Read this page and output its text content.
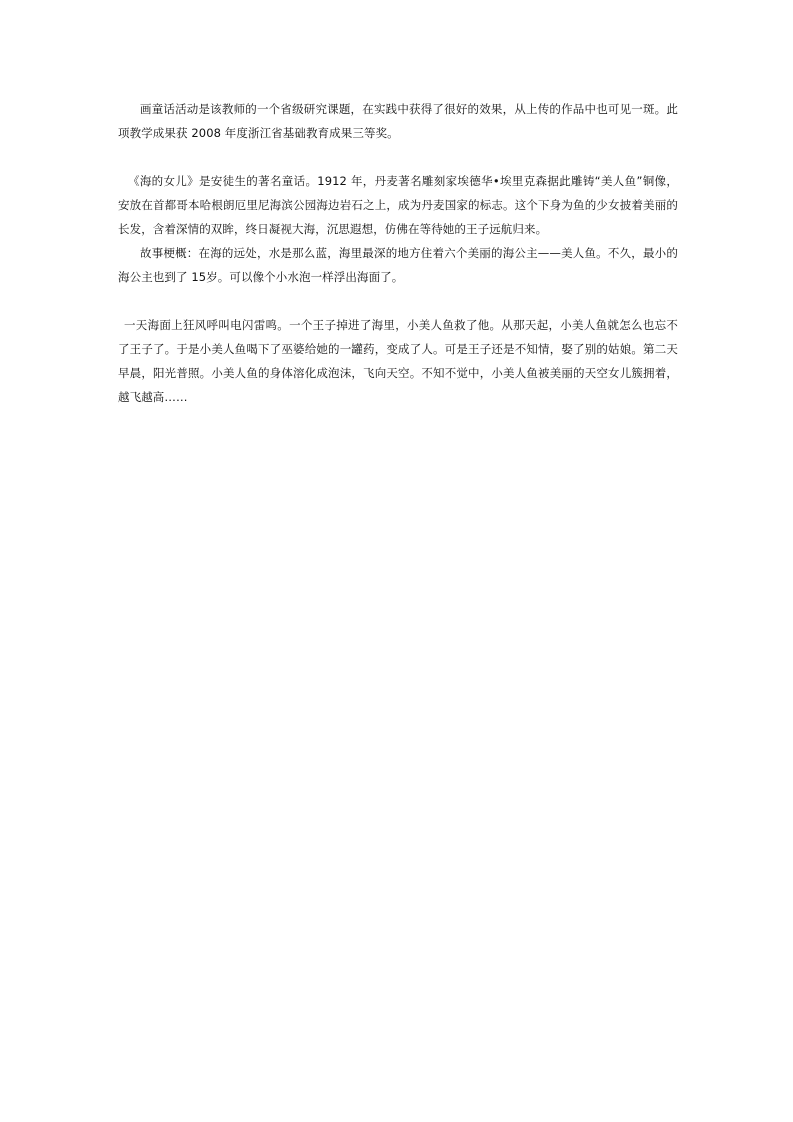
画童话活动是该教师的一个省级研究课题，在实践中获得了很好的效果，从上传的作品中也可见一斑。此项教学成果获 2008 年度浙江省基础教育成果三等奖。

《海的女儿》是安徒生的著名童话。1912 年，丹麦著名雕刻家埃德华•埃里克森据此雕铸“美人鱼”铜像，安放在首都哥本哈根朗厄里尼海滨公园海边岩石之上，成为丹麦国家的标志。这个下身为鱼的少女披着美丽的长发，含着深情的双眸，终日凝视大海，沉思遐想，仿佛在等待她的王子远航归来。

故事梗概：在海的远处，水是那么蓝，海里最深的地方住着六个美丽的海公主——美人鱼。不久，最小的海公主也到了 15岁。可以像个小水泡一样浮出海面了。

一天海面上狂风呼叫电闪雷鸣。一个王子掉进了海里，小美人鱼救了他。从那天起，小美人鱼就怎么也忘不了王子了。于是小美人鱼喝下了巫婆给她的一罐药，变成了人。可是王子还是不知情，娶了别的姑娘。第二天早晨，阳光普照。小美人鱼的身体溶化成泡沫，飞向天空。不知不觉中，小美人鱼被美丽的天空女儿簇拥着，越飞越高……
